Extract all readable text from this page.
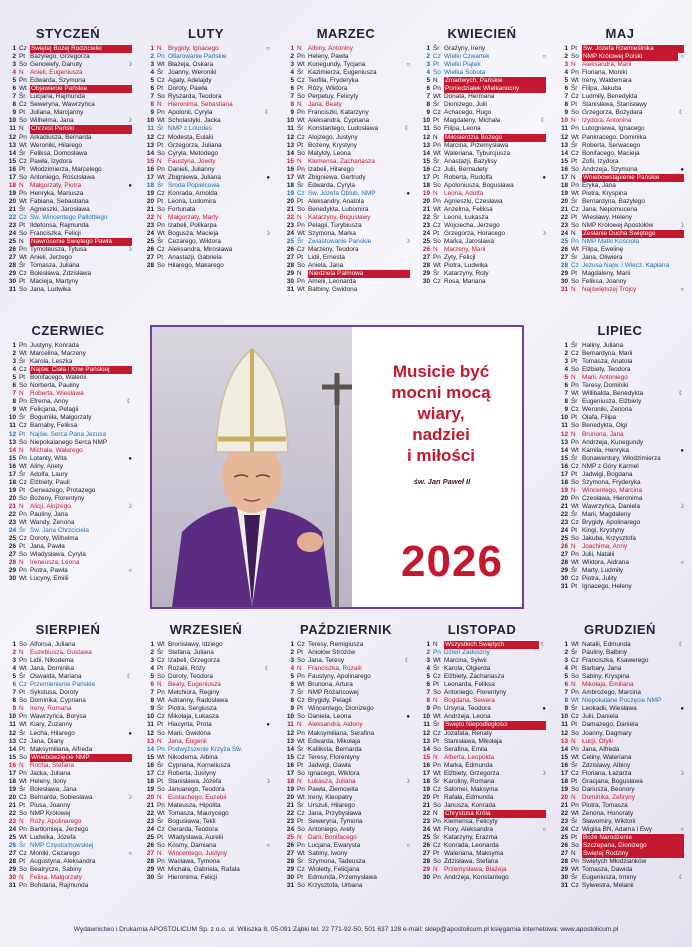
STYCZEŃ
1 Cz Świętej Bożej Rodzicielki
2 Pt Bazylego, Grzegorza
3 So Genowefy, Danuty	☽
4 N Anieli, Eugeniusza
5 Pn Edwarda, Szymona
6 Wt Objawienie Pańskie
7 Śr Lucjana, Rajmunda
8 Cz Seweryna, Wawrzyńca
9 Pt Juliana, Marcjanny
10 So Wilhelma, Jana	☽
11 N	Chrzest Pański
12 Pn Arkadiusza, Bernarda
13 Wt Weroniki, Hilarego
14 Śr Feliksa, Domosława
15 Cz Pawła, Izydora
16 Pt Włodzimierza, Marcelego
17 So Antoniego, Rościsława
18 N Małgorzaty, Piotra	●
19 Pn Henryka, Mariusza
20 Wt Fabiana, Sebastiana
21 Śr Agnieszki, Jarosława
22 Cz Św. Wincentego Pallottiego
23 Pt Ildefonsa, Rajmunda
24 So Franciszka, Felicji
25 N	Nawrócenie Świętego Pawła
26 Pn Tymoteusza, Tytusa	☽
27 Wt Anieli, Jerzego
28 Śr Tomasza, Juliana
29 Cz Bolesława, Zdzisława
30 Pt Macieja, Martyny
31 So Jana, Ludwika
LUTY
1 N Brygidy, Ignacego	○
2 Pn Ofiarowanie Pańskie
3 Wt Błażeja, Oskara
4 Śr Joanny, Weroniki
5 Cz Agaty, Adelajdy
6 Pt Doroty, Pawła
7 So Ryszarda, Teodora
8 N Hieronima, Sebastiana
9 Pn Apolonii, Cyryla	☾
10 Wt Scholastyki, Jacka
11 Śr NMP z Lourdes
12 Cz Modesta, Eulalii
13 Pt Grzegorza, Juliana
14 So Cyryla, Metodego
15 N Faustyna, Jowity
16 Pn Danieli, Julianny
17 Wt Zbigniewa, Juliana	●
18 Śr Środa Popielcowa
19 Cz Konrada, Arnolda
20 Pt Leona, Ludomira
21 So Fortunata
22 N Małgorzaty, Marty
23 Pn Izabeli, Polikarpa
24 Wt Bogusza, Macieja	☽
25 Śr Cezarego, Wiktora
26 Cz Aleksandra, Mirosława
27 Pt Anastazji, Gabriela
28 So Hilarego, Makarego
MARZEC
1 N Albiny, Antoniny
2 Pn Heleny, Pawła
3 Wt Kunegundy, Tycjana	○
4 Śr Kazimierza, Eugeniusza
5 Cz Teofila, Fryderyka
6 Pt Róży, Wiktora
7 So Perpetuy, Felicyty
8 N Jana, Beaty
9 Pn Franciszki, Katarzyny
10 Wt Aleksandra, Cypriana
11 Śr Konstantego, Ludosława	☾
12 Cz Alojzego, Justyny
13 Pt Bożeny, Krystyny
14 So Matyldy, Leona
15 N Klemensa, Zachariasza
16 Pn Izabeli, Hilarego
17 Wt Zbigniewa, Gertrudy
18 Śr Edwarda, Cyryla
19 Cz Św. Józefa Oblub. NMP	●
20 Pt Aleksandry, Anatola
21 So Benedykta, Lubomira
22 N Katarzyny, Bogusławy
23 Pn Pelagii, Turybiusza
24 Wt Szymona, Marka
25 Śr Zwiastowanie Pańskie	☽
26 Cz Marzeny, Teodora
27 Pt Lidii, Ernesta
28 So Aniela, Jana
29 N	Niedziela Palmowa
30 Pn Amelii, Leonarda
31 Wt Balbiny, Gwidona
KWIECIEŃ
1 Śr Grażyny, Ireny
2 Cz Wielki Czwartek	○
3 Pt Wielki Piątek
4 So Wielka Sobota
5 N	Zmartwych. Pańskie
6 Pn Poniedziałek Wielkanocny
7 Wt Donata, Hermana
8 Śr Dionizego, Julii
9 Cz Achacego, Hugo
10 Pt Magdaleny, Michała	☾
11 So Filipa, Leona
12 N	Miłosierdzia Bożego
13 Pn Marcina, Przemysława
14 Wt Waleriana, Tyburcjusza
15 Śr Anastazji, Bazylisy
16 Cz Julii, Bernadety
17 Pt Roberta, Rudolfa	●
18 So Apoloniusza, Bogusława
19 N Leona, Adolfa
20 Pn Agnieszki, Czesława
21 Wt Anzelma, Feliksa
22 Śr Leonii, Łukasza
23 Cz Wojciecha, Jerzego
24 Pt Grzegorza, Horacego	☽
25 So Marka, Jarosława
26 N Marzeny, Marii
27 Pn Zyty, Felicji
28 Wt Piotra, Ludwika
29 Śr Katarzyny, Roty
30 Cz Rosa, Mariana
MAJ
1 Pt Św. Józefa Rzemieślnika
2 So NMP Królowej Polski	○
3 N Aleksandra, Marii
4 Pn Floriana, Moniki
5 Wt Ireny, Waldemara
6 Śr Filipa, Jakuba
7 Cz Ludmiły, Benedykta
8 Pt Stanisława, Stanisławy
9 So Grzegorza, Bożydara	☾
10 N Izydora, Antonina
11 Pn Lutogniewa, Ignacego
12 Wt Pankracego, Dominika
13 Śr Roberta, Serwacego
14 Cz Bonifacego, Macieja
15 Pt Zofii, Izydora
16 So Andrzeja, Szymona	●
17 N	Wniebowstąpienie Pańskie
18 Pn Eryka, Jana
19 Wt Piotra, Kryspina
20 Śr Bernardyna, Bazylego
21 Cz Jana, Nepomucena
22 Pt Wiesławy, Heleny
23 So NMP Królowej Apostołów	☽
24 N	Zesłanie Ducha Świętego
25 Pn NMP Matki Kościoła
26 Wt Filipa, Ewelinę
27 Śr Jana, Oliwiera
28 Cz Jezusa Najw. i Wiecz. Kapłana
29 Pt Magdaleny, Marii
30 So Feliksa, Joanny
31 N Najświętszej Trójcy	○
CZERWIEC
1 Pn Justyny, Konrada
2 Wt Marcelina, Marzeny
3 Śr Karola, Leszka
4 Cz Najśw. Ciała i Krwi Pańskiej
5 Pt Bonifacego, Waleriii
6 So Norberta, Pauliny
7 N Roberta, Wiesława
8 Pn Efrema, Anny	☾
9 Wt Felicjana, Pelagii
10 Śr Bogumiła, Małgorzaty
11 Cz Barnaby, Feliksa
12 Pt Najśw. Serca Pana Jezusa
13 So Niepokalanego Serca NMP
14 N Michała, Walerego
15 Pn Lotanty, Wita	●
16 Wt Aliny, Anety
17 Śr Adolfa, Laury
18 Cz Elżbiety, Pauli
19 Pt Gerwazego, Protazego
20 So Bożeny, Florentyny
21 N Alicji, Alojzego	☽
22 Pn Pauliny, Jana
23 Wt Wandy, Zenona
24 Śr Św. Jana Chrzciciela
25 Cz Doroty, Wilhelma
26 Pt Jana, Pawła
27 So Władysława, Cyryla
28 N Ireneusza, Leona
29 Pn Piotra, Pawła	○
30 Wt Lucyny, Emilii
LIPIEC
1 Śr Haliny, Juliana
2 Cz Bernardyna, Marii
3 Pt Tomasza, Anatola
4 So Elżbiety, Teodora
5 N Marii, Antoniego
6 Pn Teresy, Dominiki
7 Wt Willibalda, Benedykta	☾
8 Śr Eugeniusza, Elżbiety
9 Cz Weroniki, Zenona
10 Pt Olafa, Filipa
11 So Benedykta, Olgi
12 N Brunona, Jana
13 Pn Andrzeja, Kunegundy
14 Wt Kamila, Henryka	●
15 Śr Bonawentury, Włodzimierza
16 Cz NMP z Góry Karmel
17 Pt Jadwigi, Bogdana
18 So Szymona, Fryderyka
19 N Wincentego, Marcina
20 Pn Czesława, Hieronima
21 Wt Wawrzyńca, Daniela	☽
22 Śr Marii, Magdaleny
23 Cz Brygidy, Apolinarego
24 Pt Kingi, Krystyny
25 So Jakuba, Krzysztofa
26 N Joachima, Anny
27 Pn Julii, Natalii
28 Wt Wiktora, Aidrana	○
29 Śr Marty, Ludmiły
30 Cz Piotra, Julity
31 Pt Ignacego, Heleny
SIERPIEŃ
1 So Alfonsa, Juliana
2 N Euzebiusza, Gustawa
3 Pn Lidii, Nikodema
4 Wt Jana, Dominika
5 Śr Oswalda, Mariana	☾
6 Cz Przemienienie Pańskie
7 Pt Sykstusa, Doroty
8 So Dominika, Cypriana
9 N Ireny, Romana
10 Pn Wawrzyńca, Borysa
11 Wt Klary, Zuzanny
12 Śr Lecha, Hilarego	●
13 Cz Jana, Diany
14 Pt Maksymiliana, Alfreda
15 So Wniebowzięcie NMP
16 N Rocha, Stefana
17 Pn Jacka, Juliana
18 Wt Heleny, Ilony
19 Śr Bolesława, Jana
20 Cz Bernarda, Sobiesława	☽
21 Pt Piusa, Joanny
22 So NMP Królowej
23 N Róży, Apolinarego
24 Pn Bartłomieja, Jerzego
25 Wt Ludwika, Józefa
26 Śr NMP Częstochowskiej
27 Cz Moniki, Cezarego	○
28 Pt Augustyna, Aleksandra
29 So Beatrycze, Sabiny
30 N Felixa, Małgorzaty
31 Pn Bohdana, Rajmunda
WRZESIEŃ
1 Wt Bronisławy, Idziego
2 Śr Stefana, Juliana
3 Cz Izabeli, Grzegorza
4 Pt Rozalii, Róży	☾
5 So Doroty, Teodora
6 N Beaty, Eugeniusza
7 Pn Melchiora, Reginy
8 Wt Adrianny, Radosława
9 Śr Piotra, Sergiusza
10 Cz Mikołaja, Łukasza
11 Pt Hiacynta, Prota	●
12 So Marii, Gwidona
13 N Jana, Eugenii
14 Pn Podwyższenie Krzyża Św.
15 Wt Nikodema, Albina
16 Śr Cypriana, Korneliusza
17 Cz Roberta, Justyny
18 Pt Stanisława, Józefa	☽
19 So Januarego, Teodora
20 N Eustachego, Euzebii
21 Pn Mateusza, Hipolita
22 Wt Tomasza, Maurycego
23 Śr Bogusława, Tekli
24 Cz Gerarda, Teodora
25 Pt Władysława, Aurelii
26 So Kosmy, Damiana	○
27 N Wincentego, Justyny
28 Pn Wacława, Tymona
29 Wt Michała, Gabriela, Rafała
30 Śr Hieronima, Felicji
PAŹDZIERNIK
1 Cz Teresy, Remigiusza
2 Pt Aniołów Stróżów
3 So Jana, Teresy	☾
4 N Franciszka, Rozalii
5 Pn Faustyny, Apolinarego
6 Wt Brunona, Artura
7 Śr NMP Różańcowej
8 Cz Brygidy, Pelagii
9 Pt Wincentego, Dionizego
10 So Daniela, Leona	●
11 N Aleksandra, Aldony
12 Pn Maksymiliana, Serafina
13 Wt Edwarda, Mikołaja
14 Śr Kalliksta, Bernarda
15 Cz Teresy, Florentyny
16 Pt Jadwigi, Gawła
17 So Ignacego, Wiktora
18 N Łukasza, Juliana	☽
19 Pn Pawła, Ziemowita
20 Wt Ireny, Kleopatry
21 Śr Urszuli, Hilarego
22 Cz Jana, Przybysława
23 Pt Seweryna, Tymona
24 So Antoniego, Arety
25 N Darii, Bonifacego
26 Pn Lucjana, Ewarysta	○
27 Wt Sabiny, Iwony
28 Śr Szymona, Tadeusza
29 Cz Wioletty, Felicjana
30 Pt Edmunda, Przemysława
31 So Krzysztofa, Urbana
LISTOPAD
1 N	Wszystkich Świętych	☾
2 Pn Dzień Zaduszny
3 Wt Marcina, Sylwii
4 Śr Karola, Olgierda
5 Cz Elżbiety, Zachariasza
6 Pt Leonarda, Feliksa
7 So Antoniego, Florentyny
8 N Bogdana, Sewera
9 Pn Ursyna, Teodora	●
10 Wt Andrzeja, Leona
11 Śr Święto Niepodległości
12 Cz Jozafata, Renaty
13 Pt Stanisława, Mikołaja
14 So Serafina, Emila
15 N Alberta, Leopolda
16 Pn Marka, Edmunda
17 Wt Elżbiety, Grzegorza	☽
18 Śr Karoliny, Romana
19 Cz Salomei, Maksyma
20 Pt Rafała, Edmunda
21 So Janusza, Konrada
22 N	Chrystusa Króla
23 Pn Klemensa, Felicyty
24 Wt Flory, Aleksandra	○
25 Śr Katarzyny, Erazma
26 Cz Konrada, Leonarda
27 Pt Waleriana, Maksyma
28 So Zdzisława, Stefana
29 N Przemysława, Błażeja
30 Pn Andrzeja, Konstantego
GRUDZIEŃ
1 Wt Natalii, Edmunda	☾
2 Śr Pauliny, Balbiny
3 Cz Franciszka, Ksawerego
4 Pt Barbary, Jana
5 So Sabiny, Kryspina
6 N Mikołaja, Emiliana
7 Pn Ambrożego, Marcina
8 Wt Niepokalane Poczęcie NMP
9 Śr Leokadii, Wiesława	●
10 Cz Julii, Daniela
11 Pt Damazego, Daniela
12 So Joanny, Dagmary
13 N Łucji, Otylii
14 Pn Jana, Alfreda
15 Wt Celiny, Waleriana
16 Śr Zdzisławy, Albiny
17 Cz Floriana, Łazarza	☽
18 Pt Gracjana, Bogusława
19 So Dariusza, Beonory
20 N Dominika, Zefiryny
21 Pn Piotra, Tomasza
22 Wt Zenona, Honoraty
23 Śr Sławomiry, Wiktorii
24 Cz Wigilia BN, Adama i Ewy	○
25 Pt Boże Narodzenie
26 So Szczepana, Dionizego
27 N	Świętej Rodziny
28 Pn Świętych Młodzianków
29 Wt Tomasza, Dawida
30 Śr Eugeniusza, Irminy	☾
31 Cz Sylwestra, Melanii
Musicie być
mocni mocą
wiary,
nadziei
i miłości
św. Jan Paweł II
2026
Wydawnictwo i Drukarnia APOSTOLICUM Sp. z o.o. ul. Wiliszka 8, 05-091 Ząbki tel. 22 771-92-50, 501 637 128 e-mail: sklep@apostolicum.pl księgarnia internetowa: www.apostolicum.pl
